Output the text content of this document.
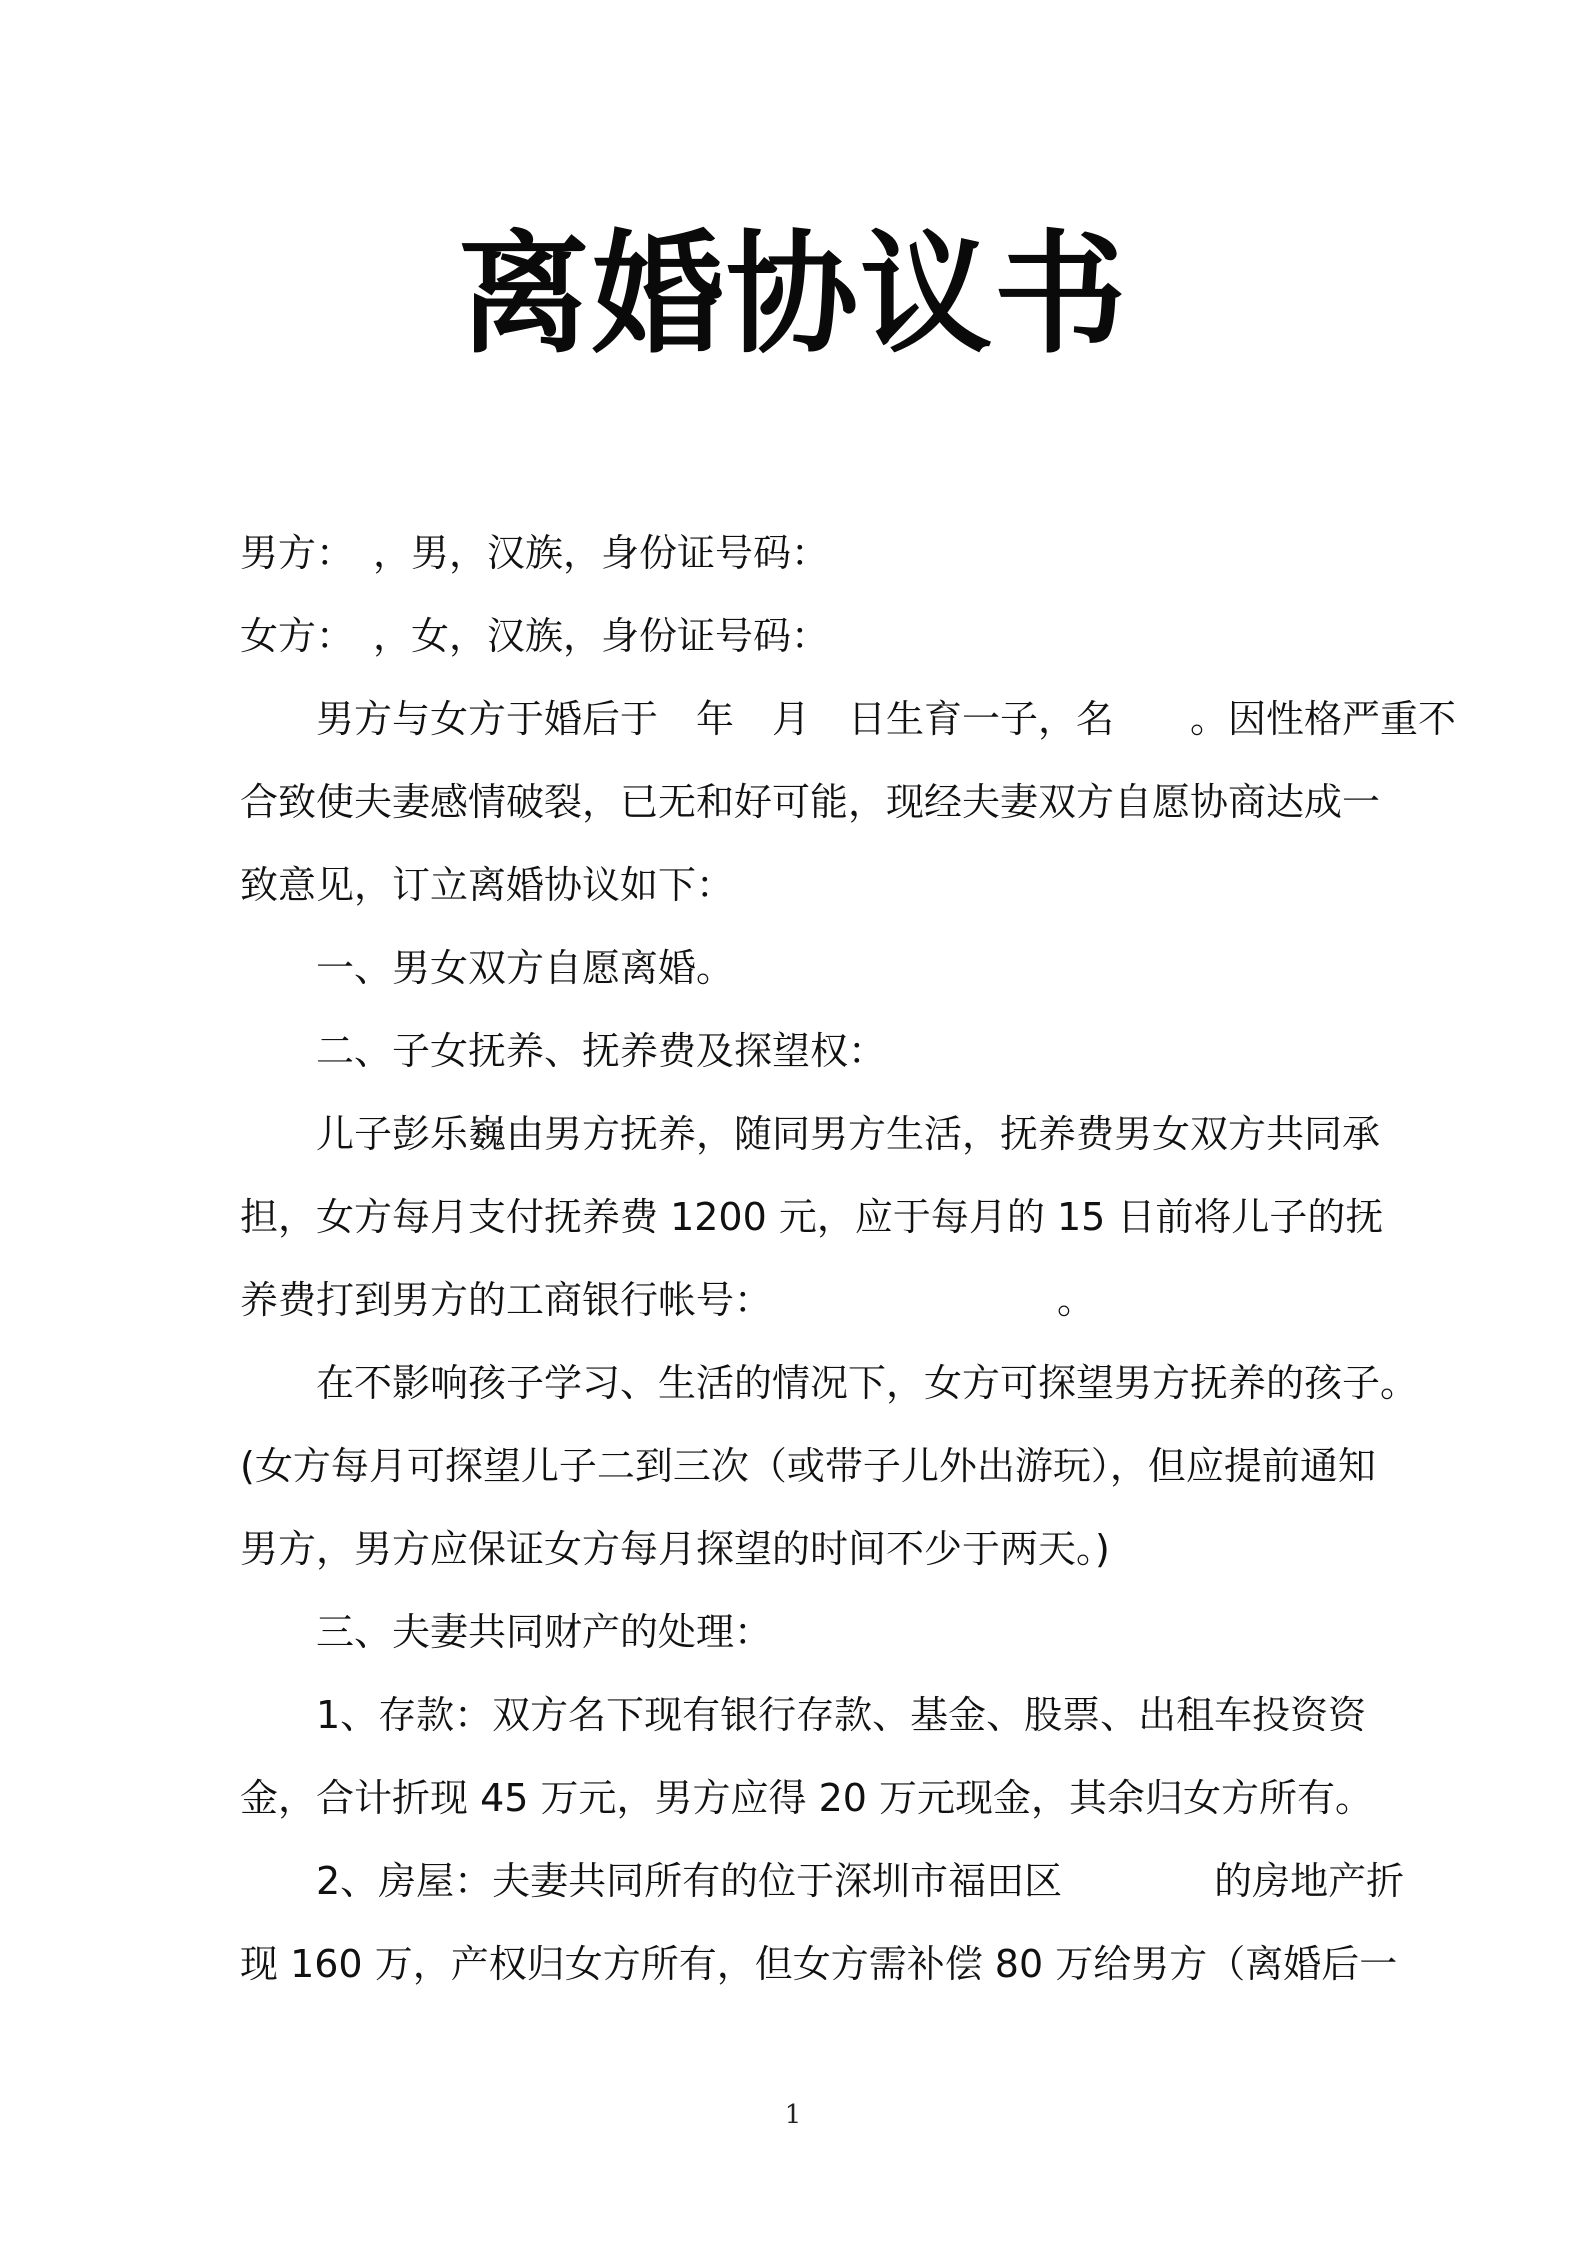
离婚协议书
男方：　，男，汉族，身份证号码：
女方：　，女，汉族，身份证号码：
男方与女方于婚后于　年　月　日生育一子，名　　。因性格严重不
合致使夫妻感情破裂，已无和好可能，现经夫妻双方自愿协商达成一
致意见，订立离婚协议如下：
一、男女双方自愿离婚。
二、子女抚养、抚养费及探望权：
儿子彭乐巍由男方抚养，随同男方生活，抚养费男女双方共同承
担，女方每月支付抚养费 1200 元，应于每月的 15 日前将儿子的抚
养费打到男方的工商银行帐号：　　　　　　　　。
在不影响孩子学习、生活的情况下，女方可探望男方抚养的孩子。
(女方每月可探望儿子二到三次（或带子儿外出游玩），但应提前通知
男方，男方应保证女方每月探望的时间不少于两天。)
三、夫妻共同财产的处理：
1、存款：双方名下现有银行存款、基金、股票、出租车投资资
金，合计折现 45 万元，男方应得 20 万元现金，其余归女方所有。
2、房屋：夫妻共同所有的位于深圳市福田区　　　　的房地产折
现 160 万，产权归女方所有，但女方需补偿 80 万给男方（离婚后一
1
